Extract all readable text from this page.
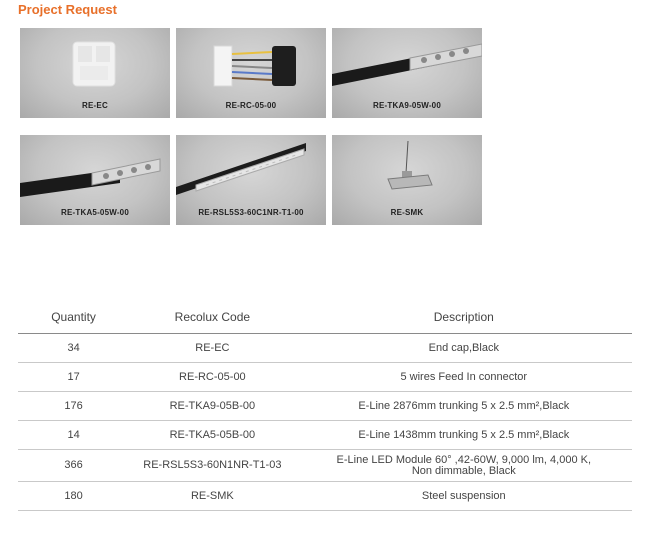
Project Request
RE-EC	RE-RC-05-00	RE-TKA9-05W-00
RE-TKA5-05W-00	RE-RSL5S3-60C1NR-T1-00	RE-SMK
Quantity	Recolux Code	Description
34	RE-EC	End cap,Black

17	RE-RC-05-00	5 wires Feed In connector

176	RE-TKA9-05B-00	E-Line 2876mm trunking 5 x 2.5 mm²,Black

14	RE-TKA5-05B-00	E-Line 1438mm trunking 5 x 2.5 mm²,Black

366	RE-RSL5S3-60N1NR-T1-03	E-Line LED Module 60° ,42-60W, 9,000 lm, 4,000 K,
Non dimmable, Black

180	RE-SMK	Steel suspension
